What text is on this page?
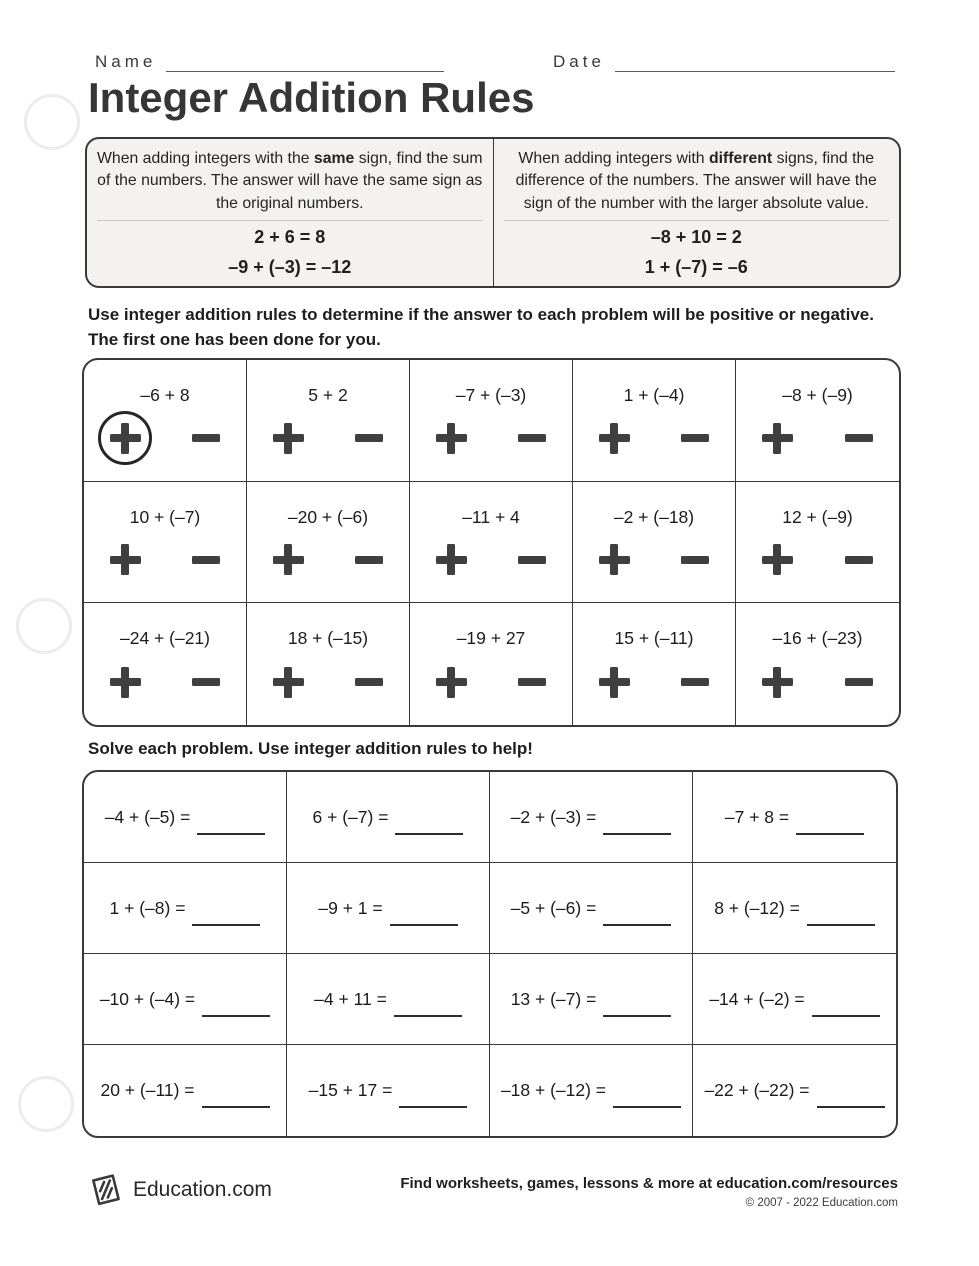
Name	Date
Integer Addition Rules

When adding integers with the same sign, find the sum of the numbers. The answer will have the same sign as the original numbers.

2 + 6 = 8
–9 + (–3) = –12

When adding integers with different signs, find the difference of the numbers. The answer will have the sign of the number with the larger absolute value.

–8 + 10 = 2
1 + (–7) = –6

Use integer addition rules to determine if the answer to each problem will be positive or negative. The first one has been done for you.

–6 + 8	5 + 2	–7 + (–3)	1 + (–4)	–8 + (–9)
10 + (–7)	–20 + (–6)	–11 + 4	–2 + (–18)	12 + (–9)
–24 + (–21)	18 + (–15)	–19 + 27	15 + (–11)	–16 + (–23)

Solve each problem. Use integer addition rules to help!

–4 + (–5) =	6 + (–7) =	–2 + (–3) =	–7 + 8 =
1 + (–8) =	–9 + 1 =	–5 + (–6) =	8 + (–12) =
–10 + (–4) =	–4 + 11 =	13 + (–7) =	–14 + (–2) =
20 + (–11) =	–15 + 17 =	–18 + (–12) =	–22 + (–22) =
Education.com	Find worksheets, games, lessons & more at education.com/resources
© 2007 - 2022 Education.com
